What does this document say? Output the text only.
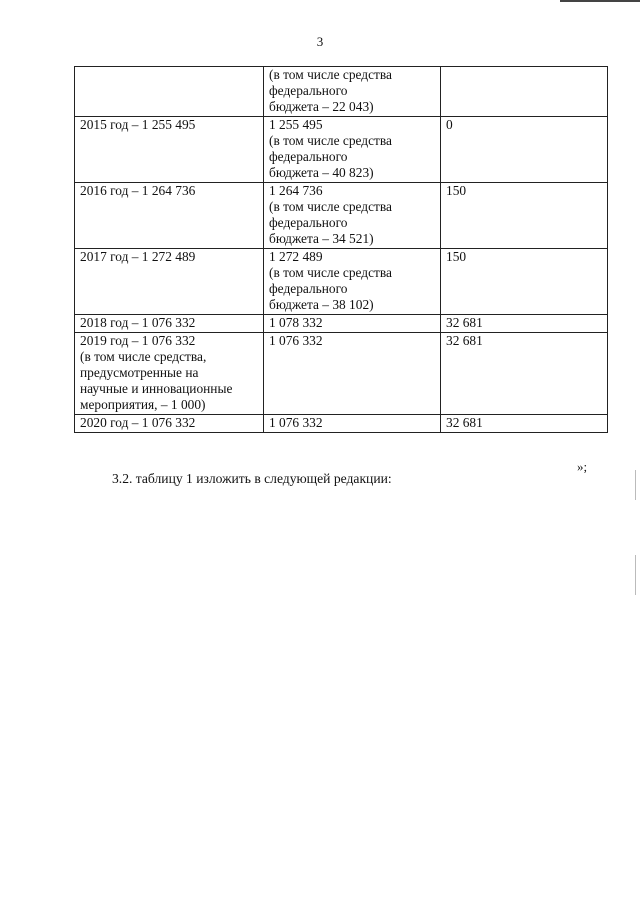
3

	(в том числе средства
федерального
бюджета – 22 043)	

2015 год – 1 255 495	1 255 495
(в том числе средства
федерального
бюджета – 40 823)	0

2016 год – 1 264 736	1 264 736
(в том числе средства
федерального
бюджета – 34 521)	150

2017 год – 1 272 489	1 272 489
(в том числе средства
федерального
бюджета – 38 102)	150

2018 год – 1 076 332	1 078 332	32 681

2019 год – 1 076 332
(в том числе средства,
предусмотренные на
научные и инновационные
мероприятия, – 1 000)	1 076 332	32 681

2020 год – 1 076 332	1 076 332	32 681
»;
3.2. таблицу 1 изложить в следующей редакции:
